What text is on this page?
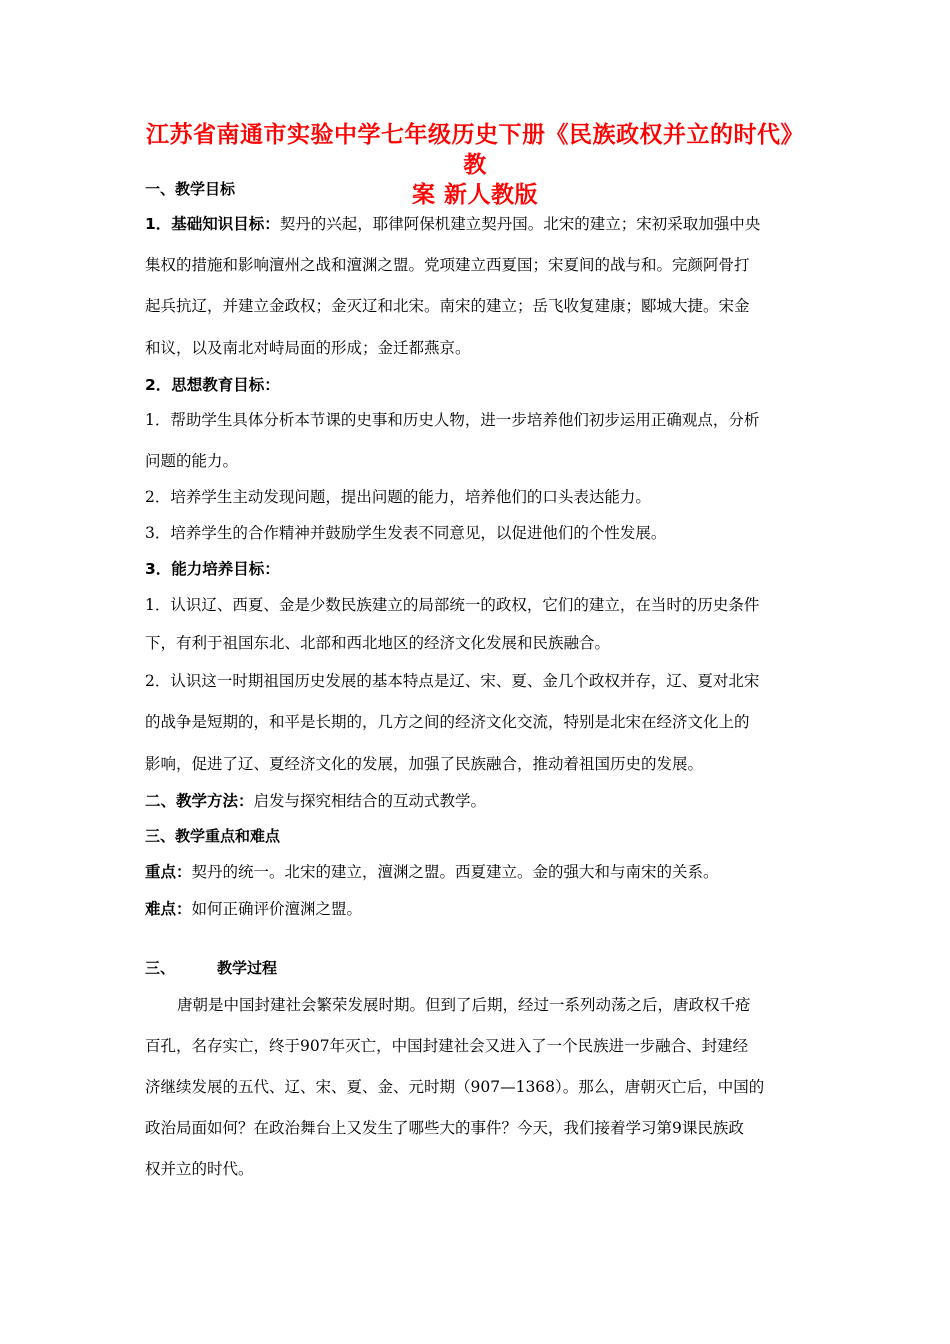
江苏省南通市实验中学七年级历史下册《民族政权并立的时代》教
案 新人教版
一、教学目标
1．基础知识目标：契丹的兴起，耶律阿保机建立契丹国。北宋的建立；宋初采取加强中央
集权的措施和影响澶州之战和澶渊之盟。党项建立西夏国；宋夏间的战与和。完颜阿骨打
起兵抗辽，并建立金政权；金灭辽和北宋。南宋的建立；岳飞收复建康；郾城大捷。宋金
和议，以及南北对峙局面的形成；金迁都燕京。
2．思想教育目标：
1．帮助学生具体分析本节课的史事和历史人物，进一步培养他们初步运用正确观点，分析
问题的能力。
2．培养学生主动发现问题，提出问题的能力，培养他们的口头表达能力。
3．培养学生的合作精神并鼓励学生发表不同意见，以促进他们的个性发展。
3．能力培养目标：
1．认识辽、西夏、金是少数民族建立的局部统一的政权，它们的建立，在当时的历史条件
下，有利于祖国东北、北部和西北地区的经济文化发展和民族融合。
2．认识这一时期祖国历史发展的基本特点是辽、宋、夏、金几个政权并存，辽、夏对北宋
的战争是短期的，和平是长期的，几方之间的经济文化交流，特别是北宋在经济文化上的
影响，促进了辽、夏经济文化的发展，加强了民族融合，推动着祖国历史的发展。
二、教学方法：启发与探究相结合的互动式教学。
三、教学重点和难点
重点：契丹的统一。北宋的建立，澶渊之盟。西夏建立。金的强大和与南宋的关系。
难点：如何正确评价澶渊之盟。
三、	教学过程
唐朝是中国封建社会繁荣发展时期。但到了后期，经过一系列动荡之后，唐政权千疮
百孔，名存实亡，终于907年灭亡，中国封建社会又进入了一个民族进一步融合、封建经
济继续发展的五代、辽、宋、夏、金、元时期（907—1368）。那么，唐朝灭亡后，中国的
政治局面如何？在政治舞台上又发生了哪些大的事件？今天，我们接着学习第9课民族政
权并立的时代。
